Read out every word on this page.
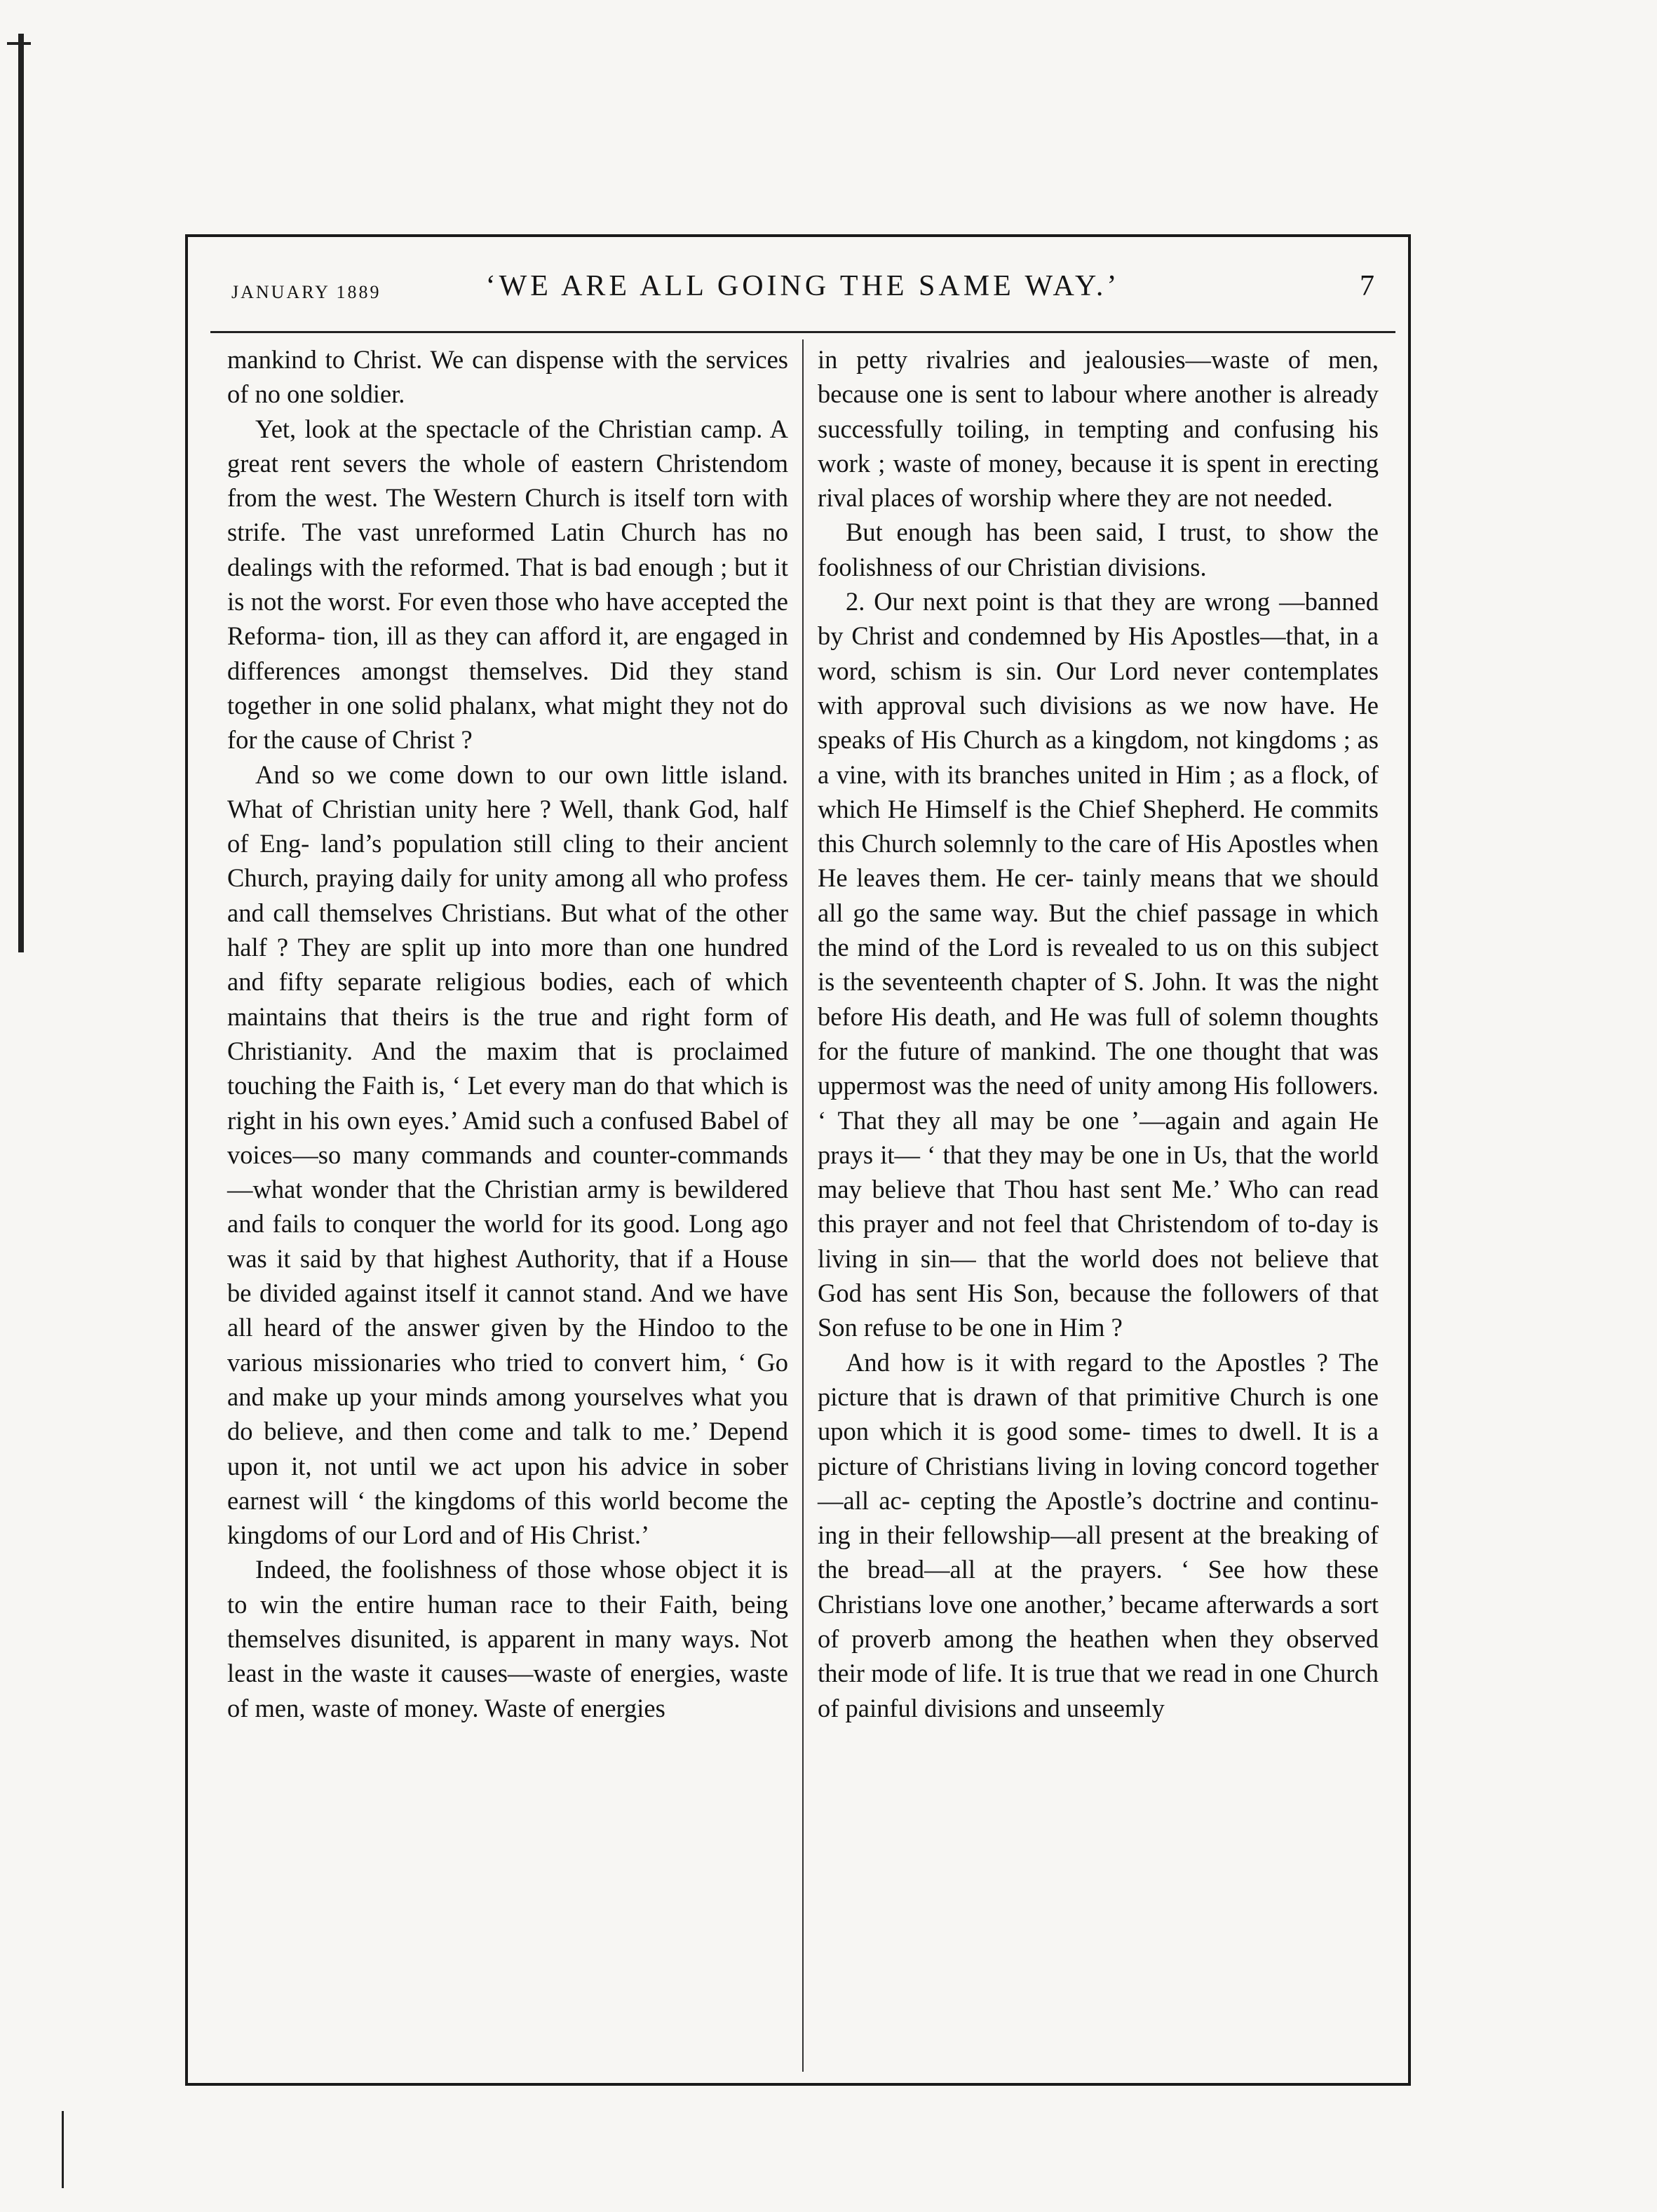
JANUARY 1889	‘WE ARE ALL GOING THE SAME WAY.’	7

mankind to Christ. We can dispense with the services of no one soldier.

Yet, look at the spectacle of the Christian camp. A great rent severs the whole of eastern Christendom from the west. The Western Church is itself torn with strife. The vast unreformed Latin Church has no dealings with the reformed. That is bad enough ; but it is not the worst. For even those who have accepted the Reforma- tion, ill as they can afford it, are engaged in differences amongst themselves. Did they stand together in one solid phalanx, what might they not do for the cause of Christ ?

And so we come down to our own little island. What of Christian unity here ? Well, thank God, half of Eng- land’s population still cling to their ancient Church, praying daily for unity among all who profess and call themselves Christians. But what of the other half ? They are split up into more than one hundred and fifty separate religious bodies, each of which maintains that theirs is the true and right form of Christianity. And the maxim that is proclaimed touching the Faith is, ‘ Let every man do that which is right in his own eyes.’ Amid such a confused Babel of voices—so many commands and counter-commands—what wonder that the Christian army is bewildered and fails to conquer the world for its good. Long ago was it said by that highest Authority, that if a House be divided against itself it cannot stand. And we have all heard of the answer given by the Hindoo to the various missionaries who tried to convert him, ‘ Go and make up your minds among yourselves what you do believe, and then come and talk to me.’ Depend upon it, not until we act upon his advice in sober earnest will ‘ the kingdoms of this world become the kingdoms of our Lord and of His Christ.’

Indeed, the foolishness of those whose object it is to win the entire human race to their Faith, being themselves disunited, is apparent in many ways. Not least in the waste it causes—waste of energies, waste of men, waste of money. Waste of energies

in petty rivalries and jealousies—waste of men, because one is sent to labour where another is already successfully toiling, in tempting and confusing his work ; waste of money, because it is spent in erecting rival places of worship where they are not needed.

But enough has been said, I trust, to show the foolishness of our Christian divisions.

2. Our next point is that they are wrong —banned by Christ and condemned by His Apostles—that, in a word, schism is sin. Our Lord never contemplates with approval such divisions as we now have. He speaks of His Church as a kingdom, not kingdoms ; as a vine, with its branches united in Him ; as a flock, of which He Himself is the Chief Shepherd. He commits this Church solemnly to the care of His Apostles when He leaves them. He cer- tainly means that we should all go the same way. But the chief passage in which the mind of the Lord is revealed to us on this subject is the seventeenth chapter of S. John. It was the night before His death, and He was full of solemn thoughts for the future of mankind. The one thought that was uppermost was the need of unity among His followers. ‘ That they all may be one ’—again and again He prays it— ‘ that they may be one in Us, that the world may believe that Thou hast sent Me.’ Who can read this prayer and not feel that Christendom of to-day is living in sin— that the world does not believe that God has sent His Son, because the followers of that Son refuse to be one in Him ?

And how is it with regard to the Apostles ? The picture that is drawn of that primitive Church is one upon which it is good some- times to dwell. It is a picture of Christians living in loving concord together—all ac- cepting the Apostle’s doctrine and continu- ing in their fellowship—all present at the breaking of the bread—all at the prayers. ‘ See how these Christians love one another,’ became afterwards a sort of proverb among the heathen when they observed their mode of life. It is true that we read in one Church of painful divisions and unseemly
